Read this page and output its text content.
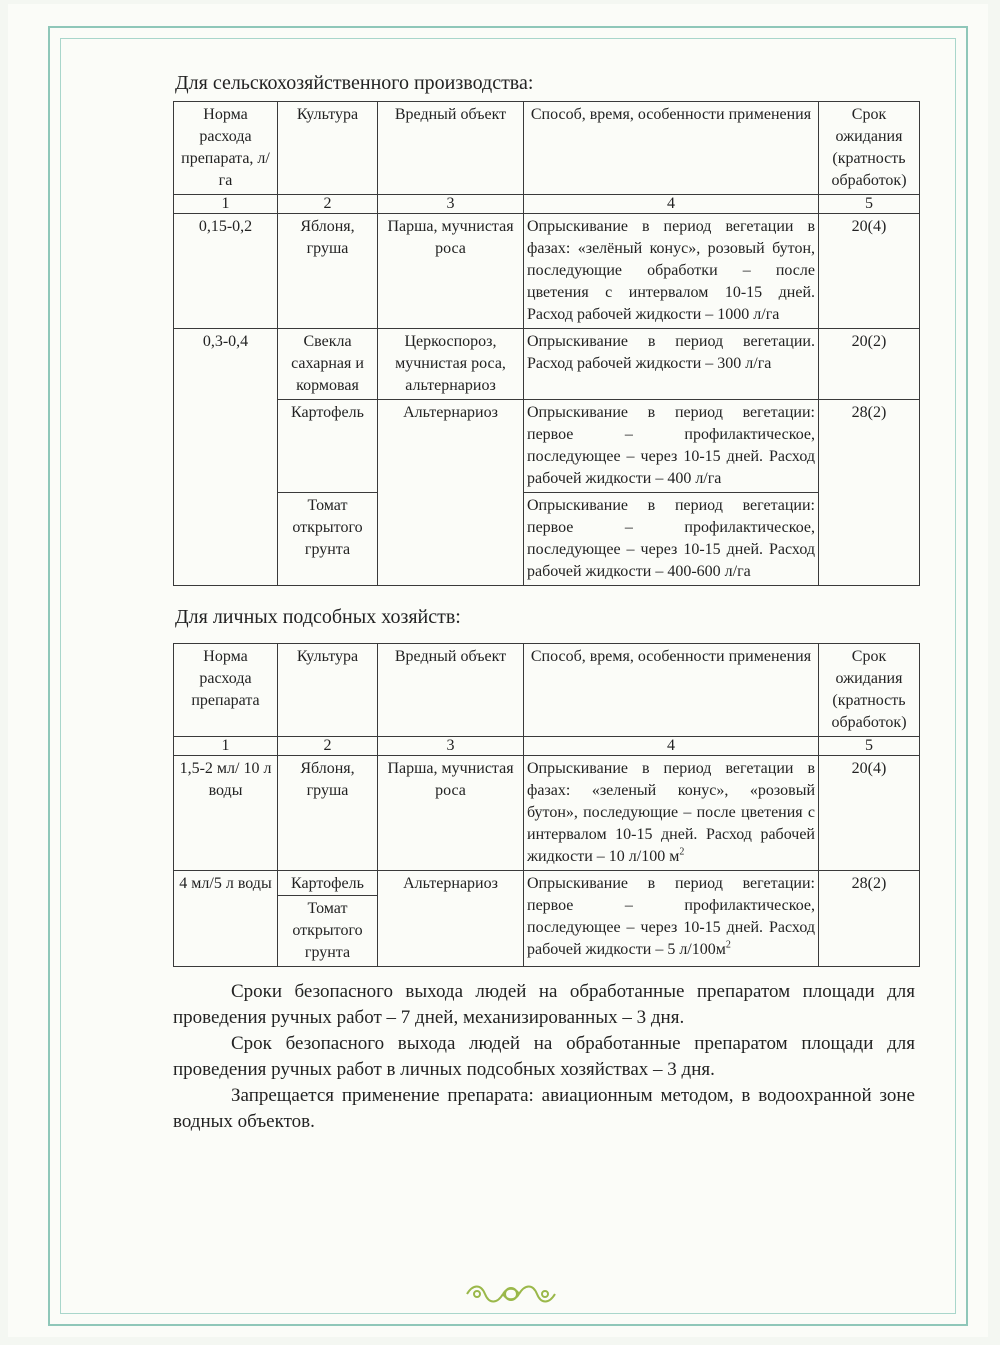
Для сельскохозяйственного производства:
Норма расхода препарата, л/га	Культура	Вредный объект	Способ, время, особенности применения	Срок ожидания (кратность обработок)
1	2	3	4	5
0,15-0,2	Яблоня, груша	Парша, мучнистая роса	Опрыскивание в период вегетации в фазах: «зелёный конус», розовый бутон, последующие обработки – после цветения с интервалом 10-15 дней. Расход рабочей жидкости – 1000 л/га	20(4)
0,3-0,4	Свекла сахарная и кормовая	Церкоспороз, мучнистая роса, альтернариоз	Опрыскивание в период вегетации. Расход рабочей жидкости – 300 л/га	20(2)
	Картофель	Альтернариоз	Опрыскивание в период вегетации: первое – профилактическое, последующее – через 10-15 дней. Расход рабочей жидкости – 400 л/га	28(2)
	Томат открытого грунта		Опрыскивание в период вегетации: первое – профилактическое, последующее – через 10-15 дней. Расход рабочей жидкости – 400-600 л/га	
Для личных подсобных хозяйств:
Норма расхода препарата	Культура	Вредный объект	Способ, время, особенности применения	Срок ожидания (кратность обработок)
1	2	3	4	5
1,5-2 мл/ 10 л воды	Яблоня, груша	Парша, мучнистая роса	Опрыскивание в период вегетации в фазах: «зеленый конус», «розовый бутон», последующие – после цветения с интервалом 10-15 дней. Расход рабочей жидкости – 10 л/100 $м^2$	20(4)
4 мл/5 л воды	Картофель	Альтернариоз	Опрыскивание в период вегетации: первое – профилактическое, последующее – через 10-15 дней. Расход рабочей жидкости – 5 $л/100м^2$	28(2)
	Томат открытого грунта			
Сроки безопасного выхода людей на обработанные препаратом площади для проведения ручных работ – 7 дней, механизированных – 3 дня.
Срок безопасного выхода людей на обработанные препаратом площади для проведения ручных работ в личных подсобных хозяйствах – 3 дня.
Запрещается применение препарата: авиационным методом, в водоохранной зоне водных объектов.
